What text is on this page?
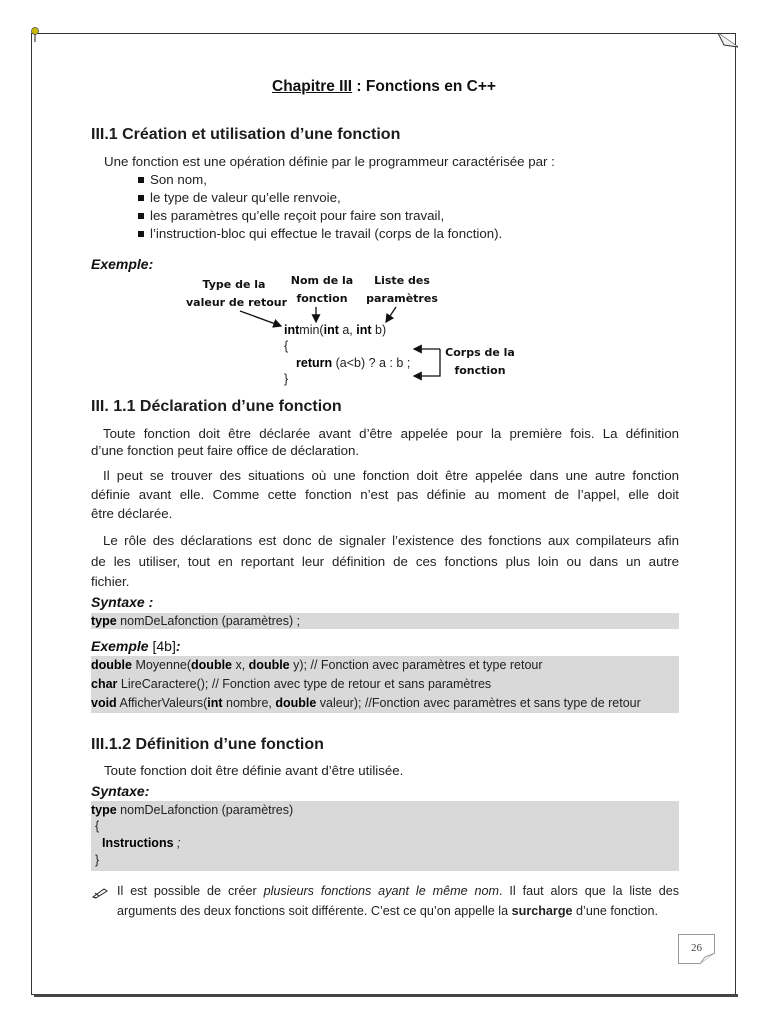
Chapitre III : Fonctions en C++
III.1 Création et utilisation d’une fonction
Une fonction est une opération définie par le programmeur caractérisée par :
Son nom,
le type de valeur qu’elle renvoie,
les paramètres qu’elle reçoit pour faire son travail,
l’instruction-bloc qui effectue le travail (corps de la fonction).
Exemple:
Type de la
valeur de retour
Nom de la
fonction
Liste des
paramètres
Corps de la
fonction
intmin(int a, int b)
{
return (a<b) ? a : b ;
}
III. 1.1 Déclaration d’une fonction
Toute fonction doit être déclarée avant d’être appelée pour la première fois. La définition
d’une fonction peut faire office de déclaration.
Il peut se trouver des situations où une fonction doit être appelée dans une autre fonction
définie avant elle. Comme cette fonction n’est pas définie au moment de l’appel, elle doit
être déclarée.
Le rôle des déclarations est donc de signaler l’existence des fonctions aux compilateurs afin
de les utiliser, tout en reportant leur définition de ces fonctions plus loin ou dans un autre
fichier.
Syntaxe :
type nomDeLafonction (paramètres) ;
Exemple [4b]:
double Moyenne(double x, double y); // Fonction avec paramètres et type retour
char LireCaractere(); // Fonction avec type de retour et sans paramètres
void AfficherValeurs(int nombre, double valeur); //Fonction avec paramètres et sans type de retour
III.1.2 Définition d’une fonction
Toute fonction doit être définie avant d’être utilisée.
Syntaxe:
type nomDeLafonction (paramètres)
{
Instructions ;
}
Il est possible de créer plusieurs fonctions ayant le même nom. Il faut alors que la liste des
arguments des deux fonctions soit différente. C’est ce qu’on appelle la surcharge d’une fonction.
26
